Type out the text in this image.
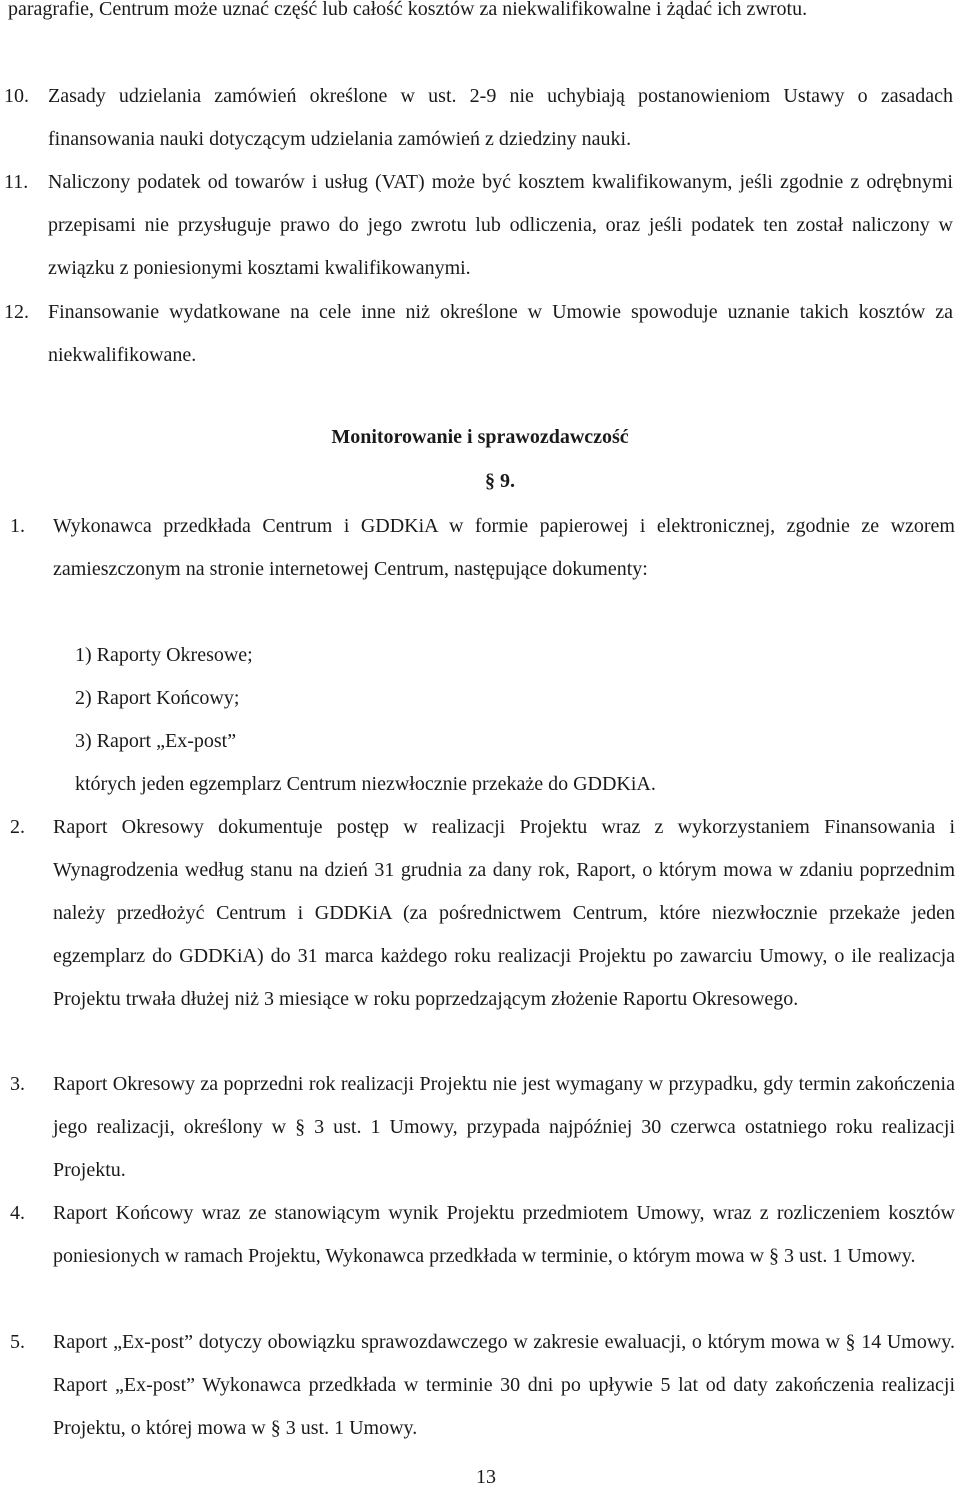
paragrafie, Centrum może uznać część lub całość kosztów za niekwalifikowalne i żądać ich zwrotu.

10. Zasady udzielania zamówień określone w ust. 2-9 nie uchybiają postanowieniom Ustawy o zasadach finansowania nauki dotyczącym udzielania zamówień z dziedziny nauki.

11. Naliczony podatek od towarów i usług (VAT) może być kosztem kwalifikowanym, jeśli zgodnie z odrębnymi przepisami nie przysługuje prawo do jego zwrotu lub odliczenia, oraz jeśli podatek ten został naliczony w związku z poniesionymi kosztami kwalifikowanymi.

12. Finansowanie wydatkowane na cele inne niż określone w Umowie spowoduje uznanie takich kosztów za niekwalifikowane.

Monitorowanie i sprawozdawczość
§ 9.

1. Wykonawca przedkłada Centrum i GDDKiA w formie papierowej i elektronicznej, zgodnie ze wzorem zamieszczonym na stronie internetowej Centrum, następujące dokumenty:

1) Raporty Okresowe;

2) Raport Końcowy;

3) Raport „Ex-post”

których jeden egzemplarz Centrum niezwłocznie przekaże do GDDKiA.

2. Raport Okresowy dokumentuje postęp w realizacji Projektu wraz z wykorzystaniem Finansowania i Wynagrodzenia według stanu na dzień 31 grudnia za dany rok, Raport, o którym mowa w zdaniu poprzednim należy przedłożyć Centrum i GDDKiA (za pośrednictwem Centrum, które niezwłocznie przekaże jeden egzemplarz do GDDKiA) do 31 marca każdego roku realizacji Projektu po zawarciu Umowy, o ile realizacja Projektu trwała dłużej niż 3 miesiące w roku poprzedzającym złożenie Raportu Okresowego.

3. Raport Okresowy za poprzedni rok realizacji Projektu nie jest wymagany w przypadku, gdy termin zakończenia jego realizacji, określony w § 3 ust. 1 Umowy, przypada najpóźniej 30 czerwca ostatniego roku realizacji Projektu.

4. Raport Końcowy wraz ze stanowiącym wynik Projektu przedmiotem Umowy, wraz z rozliczeniem kosztów poniesionych w ramach Projektu, Wykonawca przedkłada w terminie, o którym mowa w § 3 ust. 1 Umowy.

5. Raport „Ex-post” dotyczy obowiązku sprawozdawczego w zakresie ewaluacji, o którym mowa w § 14 Umowy. Raport „Ex-post” Wykonawca przedkłada w terminie 30 dni po upływie 5 lat od daty zakończenia realizacji Projektu, o której mowa w § 3 ust. 1 Umowy.

13
